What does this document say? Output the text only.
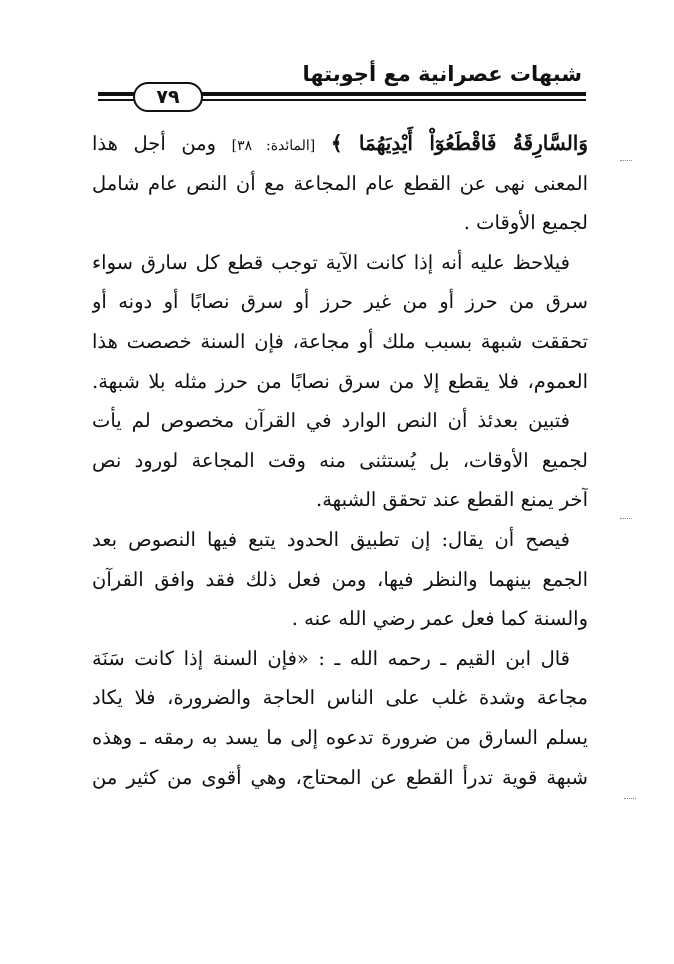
شبهات عصرانية مع أجوبتها
٧٩
وَالسَّارِقَةُ فَاقْطَعُوٓاْ أَيْدِيَهُمَا ﴾ [المائدة: ٣٨] ومن أجل هذا
المعنى نهى عن القطع عام المجاعة مع أن النص عام شامل
لجميع الأوقات .
فيلاحظ عليه أنه إذا كانت الآية توجب قطع كل سارق سواء
سرق من حرز أو من غير حرز أو سرق نصابًا أو دونه أو
تحققت شبهة بسبب ملك أو مجاعة، فإن السنة خصصت هذا
العموم، فلا يقطع إلا من سرق نصابًا من حرز مثله بلا شبهة.
فتبين بعدئذ أن النص الوارد في القرآن مخصوص لم يأت
لجميع الأوقات، بل يُستثنى منه وقت المجاعة لورود نص
آخر يمنع القطع عند تحقق الشبهة.
فيصح أن يقال: إن تطبيق الحدود يتبع فيها النصوص بعد
الجمع بينهما والنظر فيها، ومن فعل ذلك فقد وافق القرآن
والسنة كما فعل عمر رضي الله عنه .
قال ابن القيم ـ رحمه الله ـ : «فإن السنة إذا كانت سَنَة
مجاعة وشدة غلب على الناس الحاجة والضرورة، فلا يكاد
يسلم السارق من ضرورة تدعوه إلى ما يسد به رمقه ـ وهذه
شبهة قوية تدرأ القطع عن المحتاج، وهي أقوى من كثير من
